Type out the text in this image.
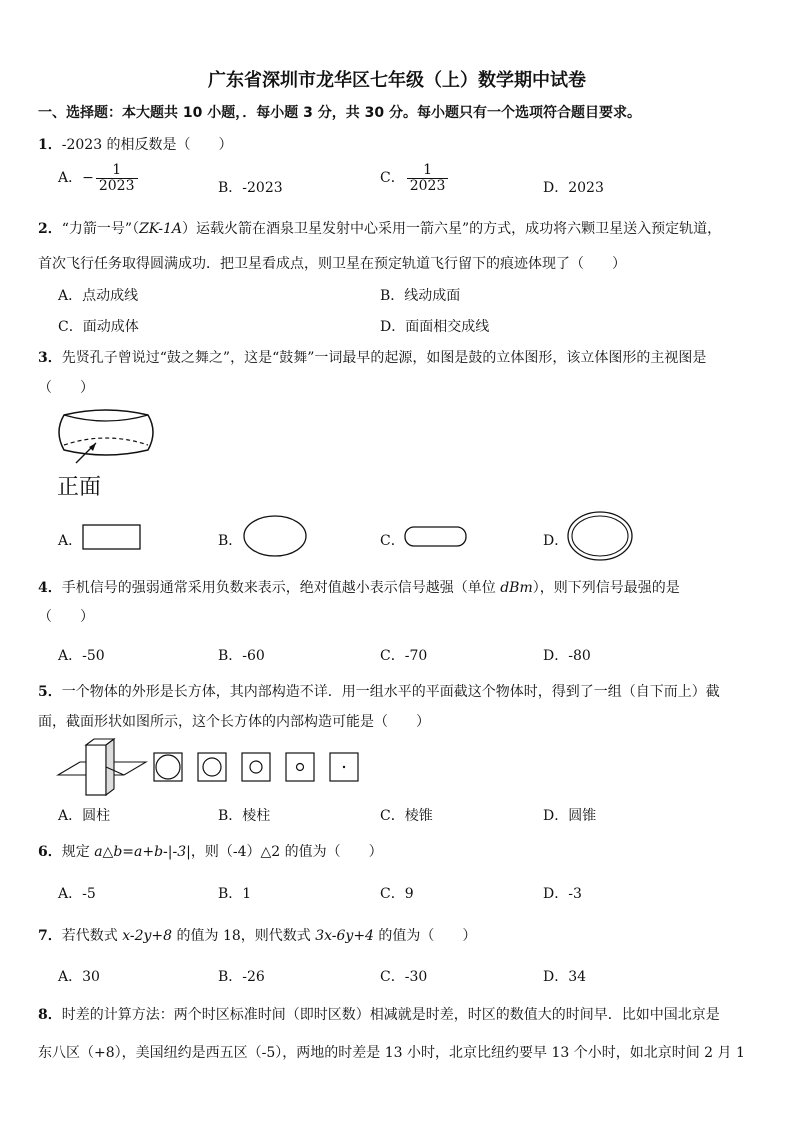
广东省深圳市龙华区七年级（上）数学期中试卷
一、选择题：本大题共 10 小题，．每小题 3 分，共 30 分。每小题只有一个选项符合题目要求。
1．-2023 的相反数是（　　）
A．− $\frac{1}{2023}$	B．-2023
C． $\frac{1}{2023}$	D．2023
2．“力箭一号”（ZK-1A）运载火箭在酒泉卫星发射中心采用一箭六星”的方式，成功将六颗卫星送入预定轨道，
首次飞行任务取得圆满成功．把卫星看成点，则卫星在预定轨道飞行留下的痕迹体现了（　　）
A．点动成线	B．线动成面
C．面动成体	D．面面相交成线
3．先贤孔子曾说过“鼓之舞之”，这是“鼓舞”一词最早的起源，如图是鼓的立体图形，该立体图形的主视图是
（　　）
正面
A．	B．	C．	D．
4．手机信号的强弱通常采用负数来表示，绝对值越小表示信号越强（单位 dBm），则下列信号最强的是
（　　）
A．-50	B．-60	C．-70	D．-80
5．一个物体的外形是长方体，其内部构造不详．用一组水平的平面截这个物体时，得到了一组（自下而上）截
面，截面形状如图所示，这个长方体的内部构造可能是（　　）
A．圆柱	B．棱柱	C．棱锥	D．圆锥
6．规定 a△b=a+b-|-3|，则（-4）△2 的值为（　　）
A．-5	B．1	C．9	D．-3
7．若代数式 x-2y+8 的值为 18，则代数式 3x-6y+4 的值为（　　）
A．30	B．-26	C．-30	D．34
8．时差的计算方法：两个时区标准时间（即时区数）相减就是时差，时区的数值大的时间早．比如中国北京是
东八区（+8），美国纽约是西五区（-5），两地的时差是 13 小时，北京比纽约要早 13 个小时，如北京时间 2 月 1
